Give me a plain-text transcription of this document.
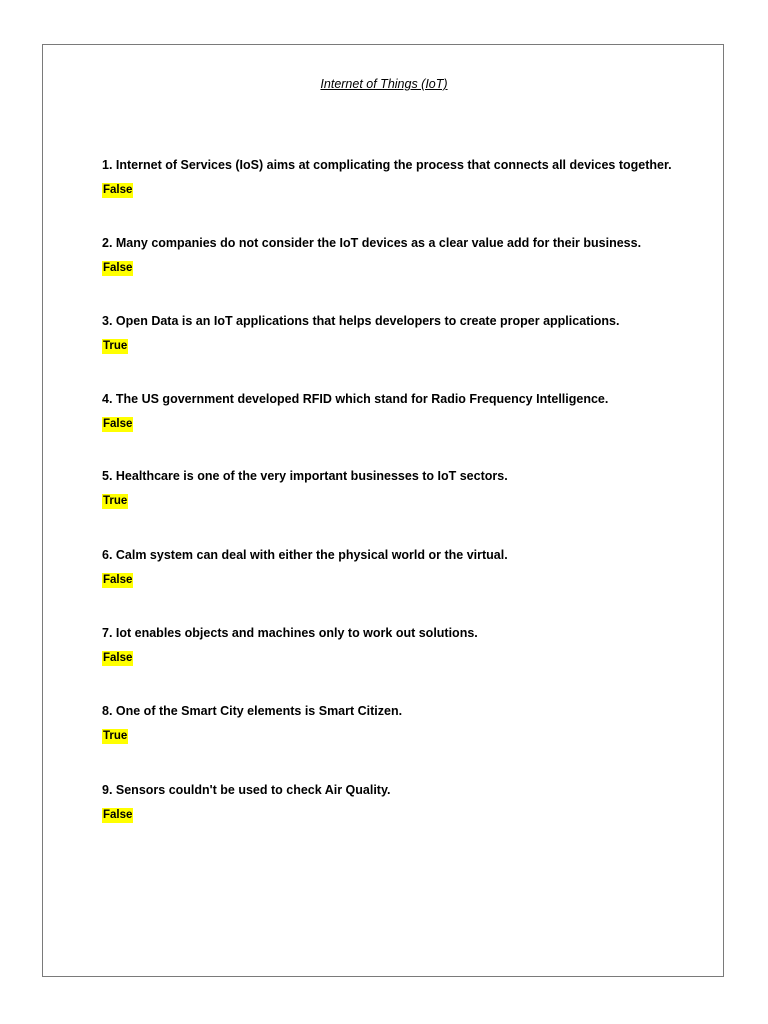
Internet of Things (IoT)
1. Internet of Services (IoS) aims at complicating the process that connects all devices together.
False
2. Many companies do not consider the IoT devices as a clear value add for their business.
False
3. Open Data is an IoT applications that helps developers to create proper applications.
True
4. The US government developed RFID which stand for Radio Frequency Intelligence.
False
5. Healthcare is one of the very important businesses to IoT sectors.
True
6. Calm system can deal with either the physical world or the virtual.
False
7. Iot enables objects and machines only to work out solutions.
False
8. One of the Smart City elements is Smart Citizen.
True
9. Sensors couldn't be used to check Air Quality.
False
